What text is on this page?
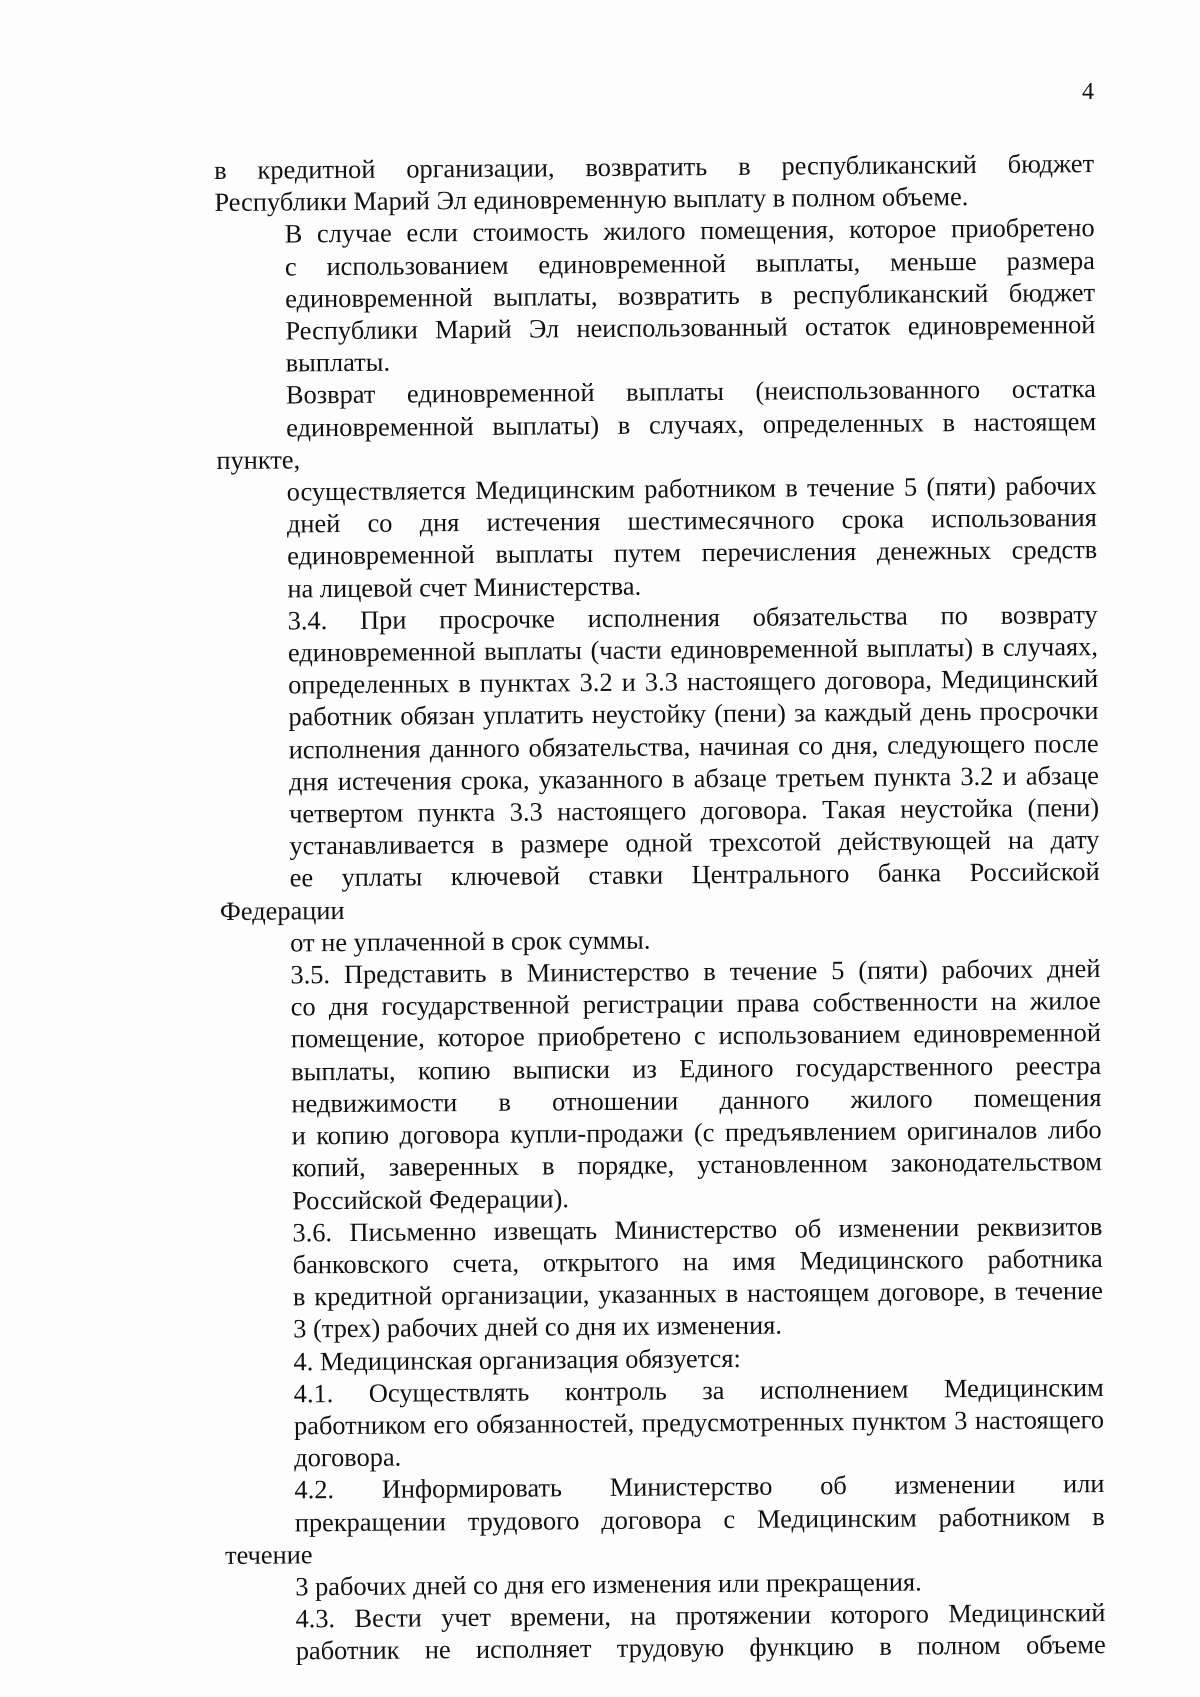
4
в кредитной организации, возвратить в республиканский бюджет
Республики Марий Эл единовременную выплату в полном объеме.
В случае если стоимость жилого помещения, которое приобретено
с использованием единовременной выплаты, меньше размера
единовременной выплаты, возвратить в республиканский бюджет
Республики Марий Эл неиспользованный остаток единовременной
выплаты.
Возврат единовременной выплаты (неиспользованного остатка
единовременной выплаты) в случаях, определенных в настоящем пункте,
осуществляется Медицинским работником в течение 5 (пяти) рабочих
дней со дня истечения шестимесячного срока использования
единовременной выплаты путем перечисления денежных средств
на лицевой счет Министерства.
3.4. При просрочке исполнения обязательства по возврату
единовременной выплаты (части единовременной выплаты) в случаях,
определенных в пунктах 3.2 и 3.3 настоящего договора, Медицинский
работник обязан уплатить неустойку (пени) за каждый день просрочки
исполнения данного обязательства, начиная со дня, следующего после
дня истечения срока, указанного в абзаце третьем пункта 3.2 и абзаце
четвертом пункта 3.3 настоящего договора. Такая неустойка (пени)
устанавливается в размере одной трехсотой действующей на дату
ее уплаты ключевой ставки Центрального банка Российской Федерации
от не уплаченной в срок суммы.
3.5. Представить в Министерство в течение 5 (пяти) рабочих дней
со дня государственной регистрации права собственности на жилое
помещение, которое приобретено с использованием единовременной
выплаты, копию выписки из Единого государственного реестра
недвижимости в отношении данного жилого помещения
и копию договора купли-продажи (с предъявлением оригиналов либо
копий, заверенных в порядке, установленном законодательством
Российской Федерации).
3.6. Письменно извещать Министерство об изменении реквизитов
банковского счета, открытого на имя Медицинского работника
в кредитной организации, указанных в настоящем договоре, в течение
3 (трех) рабочих дней со дня их изменения.
4. Медицинская организация обязуется:
4.1. Осуществлять контроль за исполнением Медицинским
работником его обязанностей, предусмотренных пунктом 3 настоящего
договора.
4.2. Информировать Министерство об изменении или
прекращении трудового договора с Медицинским работником в течение
3 рабочих дней со дня его изменения или прекращения.
4.3. Вести учет времени, на протяжении которого Медицинский
работник не исполняет трудовую функцию в полном объеме
